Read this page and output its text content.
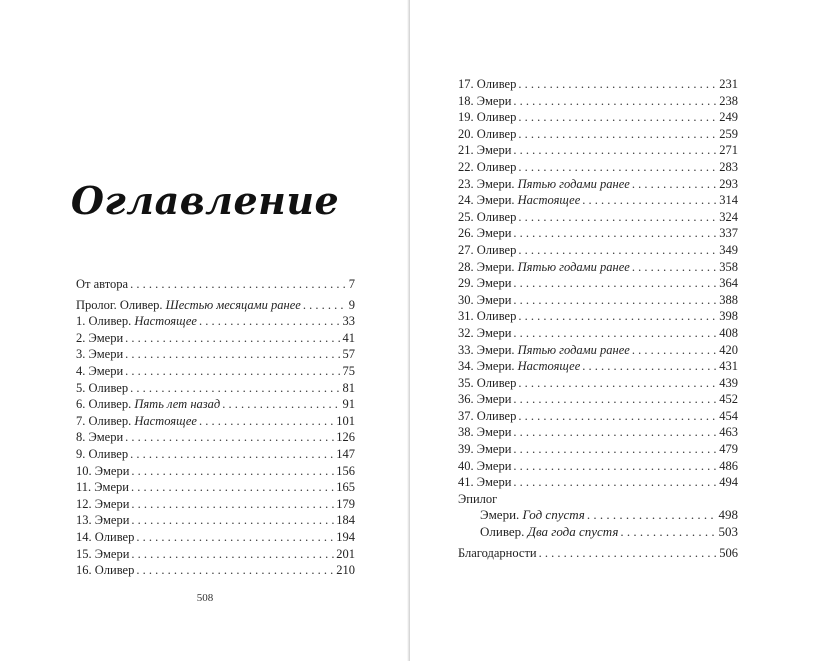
Оглавление
От автора . . .	7
Пролог. Оливер. Шестью месяцами ранее . . .	9
1. Оливер. Настоящее . . .	33
2. Эмери . . .	41
3. Эмери . . .	57
4. Эмери . . .	75
5. Оливер . . .	81
6. Оливер. Пять лет назад . . .	91
7. Оливер. Настоящее . . .	101
8. Эмери . . .	126
9. Оливер . . .	147
10. Эмери . . .	156
11. Эмери . . .	165
12. Эмери . . .	179
13. Эмери . . .	184
14. Оливер . . .	194
15. Эмери . . .	201
16. Оливер . . .	210
508
17. Оливер . . .	231
18. Эмери . . .	238
19. Оливер . . .	249
20. Оливер . . .	259
21. Эмери . . .	271
22. Оливер . . .	283
23. Эмери. Пятью годами ранее . . .	293
24. Эмери. Настоящее . . .	314
25. Оливер . . .	324
26. Эмери . . .	337
27. Оливер . . .	349
28. Эмери. Пятью годами ранее . . .	358
29. Эмери . . .	364
30. Эмери . . .	388
31. Оливер . . .	398
32. Эмери . . .	408
33. Эмери. Пятью годами ранее . . .	420
34. Эмери. Настоящее . . .	431
35. Оливер . . .	439
36. Эмери . . .	452
37. Оливер . . .	454
38. Эмери . . .	463
39. Эмери . . .	479
40. Эмери . . .	486
41. Эмери . . .	494
Эпилог
Эмери. Год спустя . . .	498
Оливер. Два года спустя . . .	503
Благодарности . . .	506
